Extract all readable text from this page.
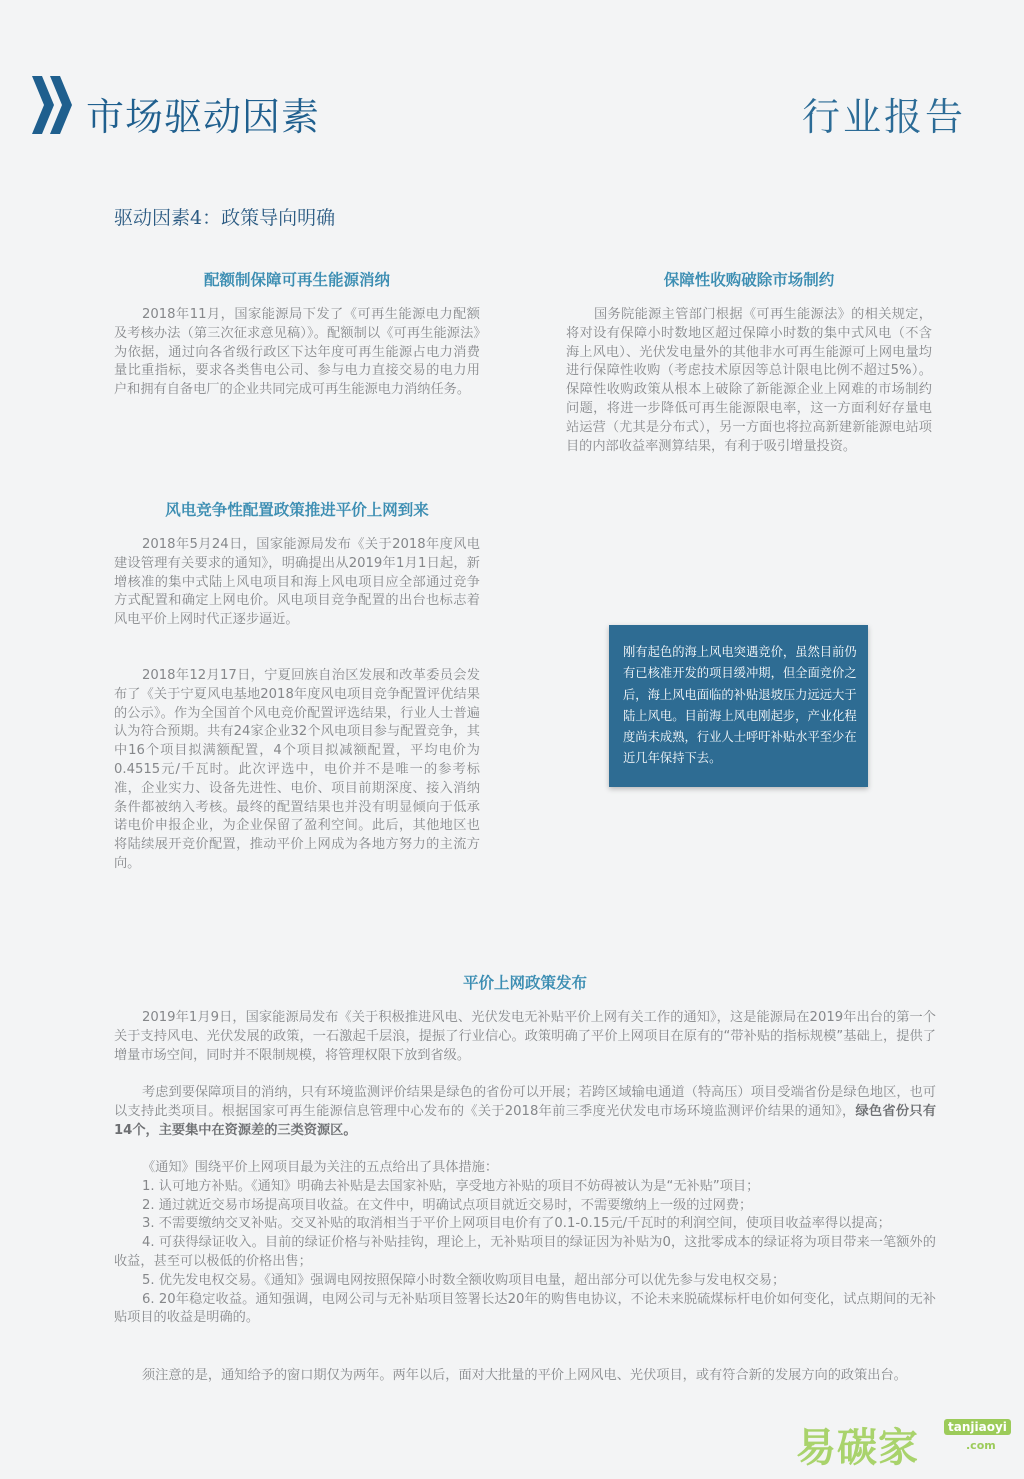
市场驱动因素	行业报告
驱动因素4：政策导向明确
配额制保障可再生能源消纳

2018年11月，国家能源局下发了《可再生能源电力配额及考核办法（第三次征求意见稿）》。配额制以《可再生能源法》为依据，通过向各省级行政区下达年度可再生能源占电力消费量比重指标，要求各类售电公司、参与电力直接交易的电力用户和拥有自备电厂的企业共同完成可再生能源电力消纳任务。

保障性收购破除市场制约

国务院能源主管部门根据《可再生能源法》的相关规定，将对设有保障小时数地区超过保障小时数的集中式风电（不含海上风电）、光伏发电量外的其他非水可再生能源可上网电量均进行保障性收购（考虑技术原因等总计限电比例不超过5%）。保障性收购政策从根本上破除了新能源企业上网难的市场制约问题，将进一步降低可再生能源限电率，这一方面利好存量电站运营（尤其是分布式），另一方面也将拉高新建新能源电站项目的内部收益率测算结果，有利于吸引增量投资。

风电竞争性配置政策推进平价上网到来

2018年5月24日，国家能源局发布《关于2018年度风电建设管理有关要求的通知》，明确提出从2019年1月1日起，新增核准的集中式陆上风电项目和海上风电项目应全部通过竞争方式配置和确定上网电价。风电项目竞争配置的出台也标志着风电平价上网时代正逐步逼近。

2018年12月17日，宁夏回族自治区发展和改革委员会发布了《关于宁夏风电基地2018年度风电项目竞争配置评优结果的公示》。作为全国首个风电竞价配置评选结果，行业人士普遍认为符合预期。共有24家企业32个风电项目参与配置竞争，其中16个项目拟满额配置，4个项目拟减额配置，平均电价为0.4515元/千瓦时。此次评选中，电价并不是唯一的参考标准，企业实力、设备先进性、电价、项目前期深度、接入消纳条件都被纳入考核。最终的配置结果也并没有明显倾向于低承诺电价申报企业，为企业保留了盈利空间。此后，其他地区也将陆续展开竞价配置，推动平价上网成为各地方努力的主流方向。

刚有起色的海上风电突遇竞价，虽然目前仍有已核准开发的项目缓冲期，但全面竞价之后，海上风电面临的补贴退坡压力远远大于陆上风电。目前海上风电刚起步，产业化程度尚未成熟，行业人士呼吁补贴水平至少在近几年保持下去。

平价上网政策发布

2019年1月9日，国家能源局发布《关于积极推进风电、光伏发电无补贴平价上网有关工作的通知》，这是能源局在2019年出台的第一个关于支持风电、光伏发展的政策，一石激起千层浪，提振了行业信心。政策明确了平价上网项目在原有的“带补贴的指标规模”基础上，提供了增量市场空间，同时并不限制规模，将管理权限下放到省级。

考虑到要保障项目的消纳，只有环境监测评价结果是绿色的省份可以开展；若跨区域输电通道（特高压）项目受端省份是绿色地区，也可以支持此类项目。根据国家可再生能源信息管理中心发布的《关于2018年前三季度光伏发电市场环境监测评价结果的通知》，绿色省份只有14个，主要集中在资源差的三类资源区。

《通知》围绕平价上网项目最为关注的五点给出了具体措施：
1. 认可地方补贴。《通知》明确去补贴是去国家补贴，享受地方补贴的项目不妨碍被认为是“无补贴”项目；
2. 通过就近交易市场提高项目收益。在文件中，明确试点项目就近交易时，不需要缴纳上一级的过网费；
3. 不需要缴纳交叉补贴。交叉补贴的取消相当于平价上网项目电价有了0.1-0.15元/千瓦时的利润空间，使项目收益率得以提高；
4. 可获得绿证收入。目前的绿证价格与补贴挂钩，理论上，无补贴项目的绿证因为补贴为0，这批零成本的绿证将为项目带来一笔额外的收益，甚至可以极低的价格出售；
5. 优先发电权交易。《通知》强调电网按照保障小时数全额收购项目电量，超出部分可以优先参与发电权交易；
6. 20年稳定收益。通知强调，电网公司与无补贴项目签署长达20年的购售电协议，不论未来脱硫煤标杆电价如何变化，试点期间的无补贴项目的收益是明确的。

须注意的是，通知给予的窗口期仅为两年。两年以后，面对大批量的平价上网风电、光伏项目，或有符合新的发展方向的政策出台。

易碳家	tanjiaoyi
.com
